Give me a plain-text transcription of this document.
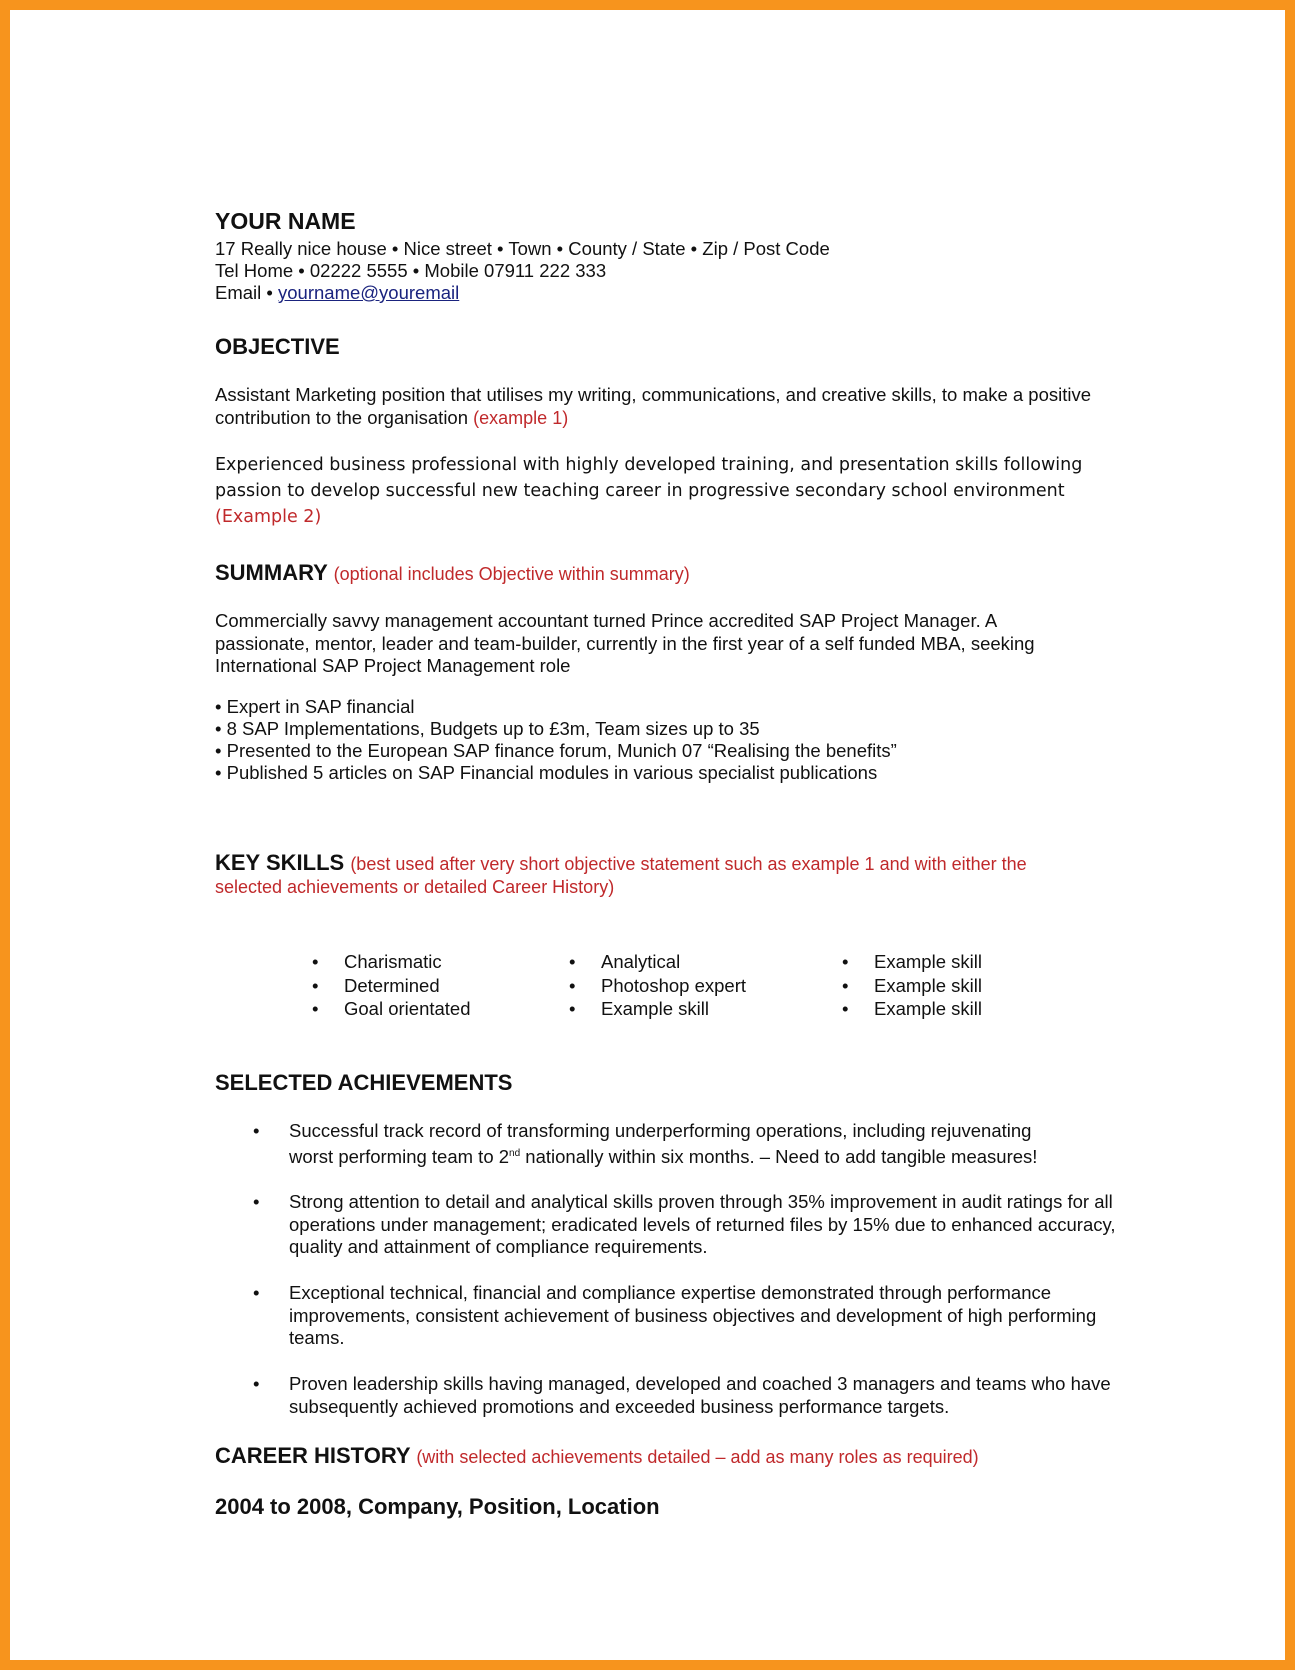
YOUR NAME
17 Really nice house • Nice street • Town • County / State • Zip / Post Code
Tel Home • 02222 5555 • Mobile 07911 222 333
Email • yourname@youremail
OBJECTIVE
Assistant Marketing position that utilises my writing, communications, and creative skills, to make a positive contribution to the organisation (example 1)
Experienced business professional with highly developed training, and presentation skills following passion to develop successful new teaching career in progressive secondary school environment (Example 2)
SUMMARY (optional includes Objective within summary)
Commercially savvy management accountant turned Prince accredited SAP Project Manager. A passionate, mentor, leader and team-builder, currently in the first year of a self funded MBA, seeking International SAP Project Management role
• Expert in SAP financial
• 8 SAP Implementations, Budgets up to £3m, Team sizes up to 35
• Presented to the European SAP finance forum, Munich 07 “Realising the benefits”
• Published 5 articles on SAP Financial modules in various specialist publications
KEY SKILLS (best used after very short objective statement such as example 1 and with either the
selected achievements or detailed Career History)
• Charismatic
• Determined
• Goal orientated
• Analytical
• Photoshop expert
• Example skill
• Example skill
• Example skill
• Example skill
SELECTED ACHIEVEMENTS
• Successful track record of transforming underperforming operations, including rejuvenating
worst performing team to 2nd nationally within six months. – Need to add tangible measures!
• Strong attention to detail and analytical skills proven through 35% improvement in audit ratings for all operations under management; eradicated levels of returned files by 15% due to enhanced accuracy, quality and attainment of compliance requirements.
• Exceptional technical, financial and compliance expertise demonstrated through performance improvements, consistent achievement of business objectives and development of high performing teams.
• Proven leadership skills having managed, developed and coached 3 managers and teams who have subsequently achieved promotions and exceeded business performance targets.
CAREER HISTORY (with selected achievements detailed – add as many roles as required)
2004 to 2008, Company, Position, Location
